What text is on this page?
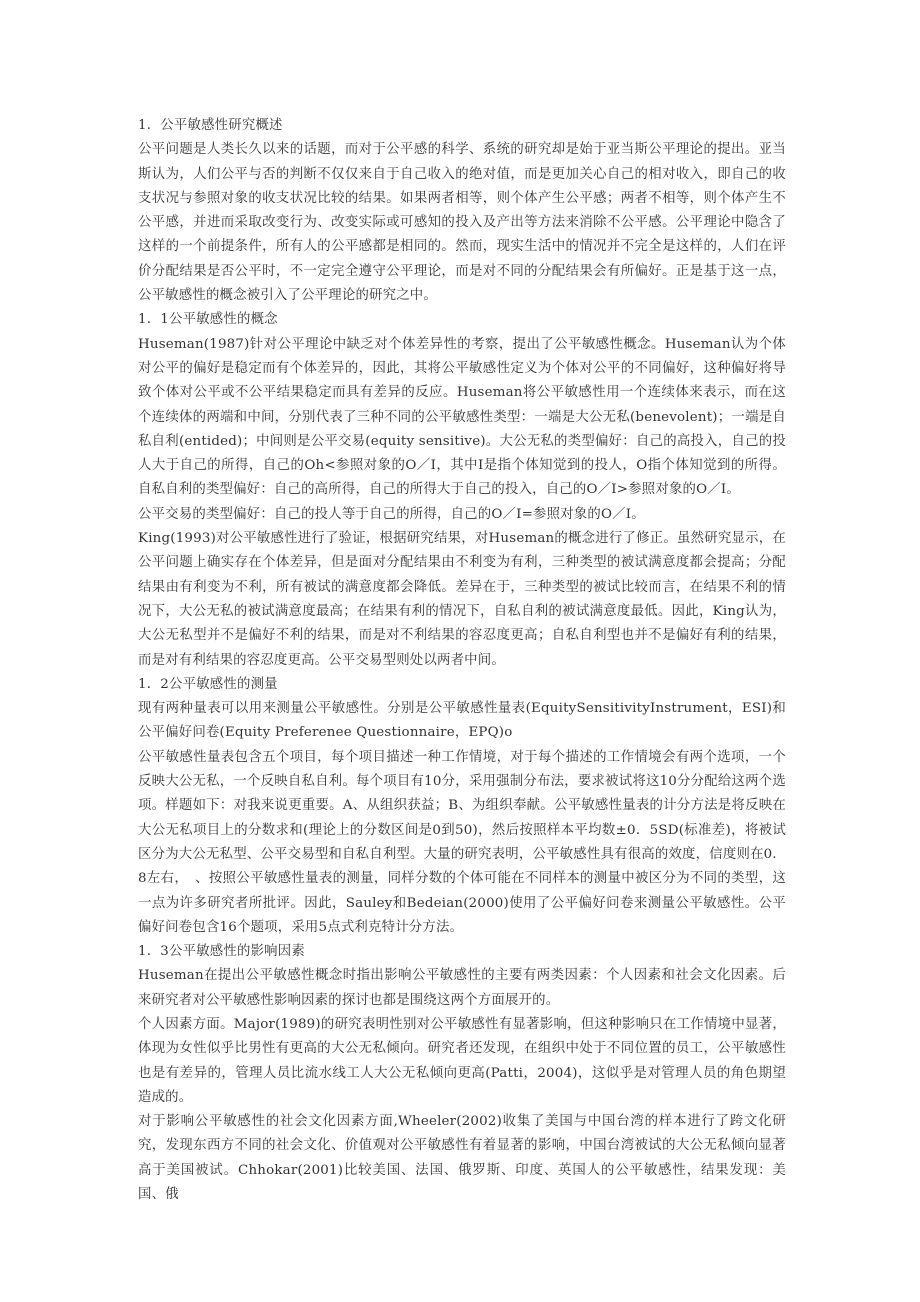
1．公平敏感性研究概述

公平问题是人类长久以来的话题，而对于公平感的科学、系统的研究却是始于亚当斯公平理论的提出。亚当斯认为，人们公平与否的判断不仅仅来自于自己收入的绝对值，而是更加关心自己的相对收入，即自己的收支状况与参照对象的收支状况比较的结果。如果两者相等，则个体产生公平感；两者不相等，则个体产生不公平感，并进而采取改变行为、改变实际或可感知的投入及产出等方法来消除不公平感。公平理论中隐含了这样的一个前提条件，所有人的公平感都是相同的。然而，现实生活中的情况并不完全是这样的，人们在评价分配结果是否公平时，不一定完全遵守公平理论，而是对不同的分配结果会有所偏好。正是基于这一点，公平敏感性的概念被引入了公平理论的研究之中。

1．1公平敏感性的概念

Huseman(1987)针对公平理论中缺乏对个体差异性的考察，提出了公平敏感性概念。Huseman认为个体对公平的偏好是稳定而有个体差异的，因此，其将公平敏感性定义为个体对公平的不同偏好，这种偏好将导致个体对公平或不公平结果稳定而具有差异的反应。Huseman将公平敏感性用一个连续体来表示，而在这个连续体的两端和中间，分别代表了三种不同的公平敏感性类型：一端是大公无私(benevolent)；一端是自私自利(entided)；中间则是公平交易(equity sensitive)。大公无私的类型偏好：自己的高投入，自己的投人大于自己的所得，自己的Oh<参照对象的O／I，其中I是指个体知觉到的投人，O指个体知觉到的所得。自私自利的类型偏好：自己的高所得，自己的所得大于自己的投入，自己的O／I>参照对象的O／I。

公平交易的类型偏好：自己的投人等于自己的所得，自己的O／I=参照对象的O／I。

King(1993)对公平敏感性进行了验证，根据研究结果，对Huseman的概念进行了修正。虽然研究显示，在公平问题上确实存在个体差异，但是面对分配结果由不利变为有利，三种类型的被试满意度都会提高；分配结果由有利变为不利，所有被试的满意度都会降低。差异在于，三种类型的被试比较而言，在结果不利的情况下，大公无私的被试满意度最高；在结果有利的情况下，自私自利的被试满意度最低。因此，King认为，大公无私型并不是偏好不利的结果，而是对不利结果的容忍度更高；自私自利型也并不是偏好有利的结果，而是对有利结果的容忍度更高。公平交易型则处以两者中间。

1．2公平敏感性的测量

现有两种量表可以用来测量公平敏感性。分别是公平敏感性量表(EquitySensitivityInstrument，ESI)和公平偏好问卷(Equity Preferenee Questionnaire，EPQ)o

公平敏感性量表包含五个项目，每个项目描述一种工作情境，对于每个描述的工作情境会有两个选项，一个反映大公无私，一个反映自私自利。每个项目有10分，采用强制分布法，要求被试将这10分分配给这两个选项。样题如下：对我来说更重要。A、从组织获益；B、为组织奉献。公平敏感性量表的计分方法是将反映在大公无私项目上的分数求和(理论上的分数区间是0到50)，然后按照样本平均数±0．5SD(标准差)，将被试区分为大公无私型、公平交易型和自私自利型。大量的研究表明，公平敏感性具有很高的效度，信度则在0．8左右，　、按照公平敏感性量表的测量，同样分数的个体可能在不同样本的测量中被区分为不同的类型，这一点为许多研究者所批评。因此，Sauley和Bedeian(2000)使用了公平偏好问卷来测量公平敏感性。公平偏好问卷包含16个题项，采用5点式利克特计分方法。

1．3公平敏感性的影响因素

Huseman在提出公平敏感性概念时指出影响公平敏感性的主要有两类因素：个人因素和社会文化因素。后来研究者对公平敏感性影响因素的探讨也都是围绕这两个方面展开的。

个人因素方面。Major(1989)的研究表明性别对公平敏感性有显著影响，但这种影响只在工作情境中显著，体现为女性似乎比男性有更高的大公无私倾向。研究者还发现，在组织中处于不同位置的员工，公平敏感性也是有差异的，管理人员比流水线工人大公无私倾向更高(Patti，2004)，这似乎是对管理人员的角色期望造成的。

对于影响公平敏感性的社会文化因素方面,Wheeler(2002)收集了美国与中国台湾的样本进行了跨文化研究，发现东西方不同的社会文化、价值观对公平敏感性有着显著的影响，中国台湾被试的大公无私倾向显著高于美国被试。Chhokar(2001)比较美国、法国、俄罗斯、印度、英国人的公平敏感性，结果发现：美国、俄
